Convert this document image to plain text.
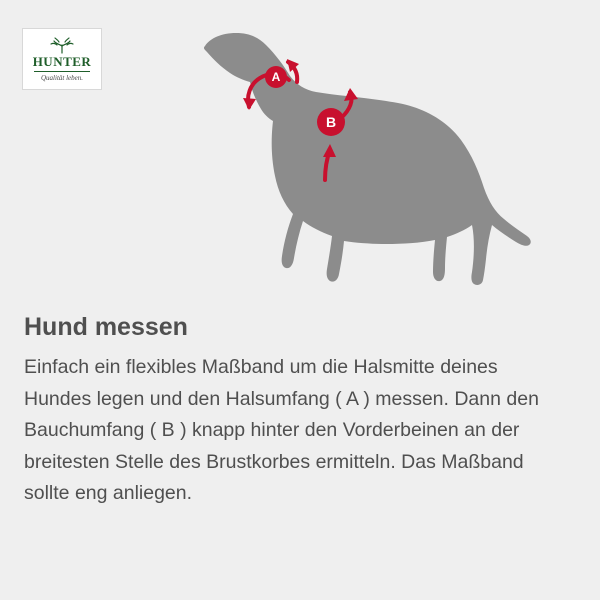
A
B
HUNTER
Qualität leben.
Hund messen

Einfach ein flexibles Maßband um die Halsmitte deines Hundes legen und den Halsumfang ( A ) messen. Dann den Bauchumfang ( B ) knapp hinter den Vorderbeinen an der breitesten Stelle des Brustkorbes ermitteln. Das Maßband sollte eng anliegen.
